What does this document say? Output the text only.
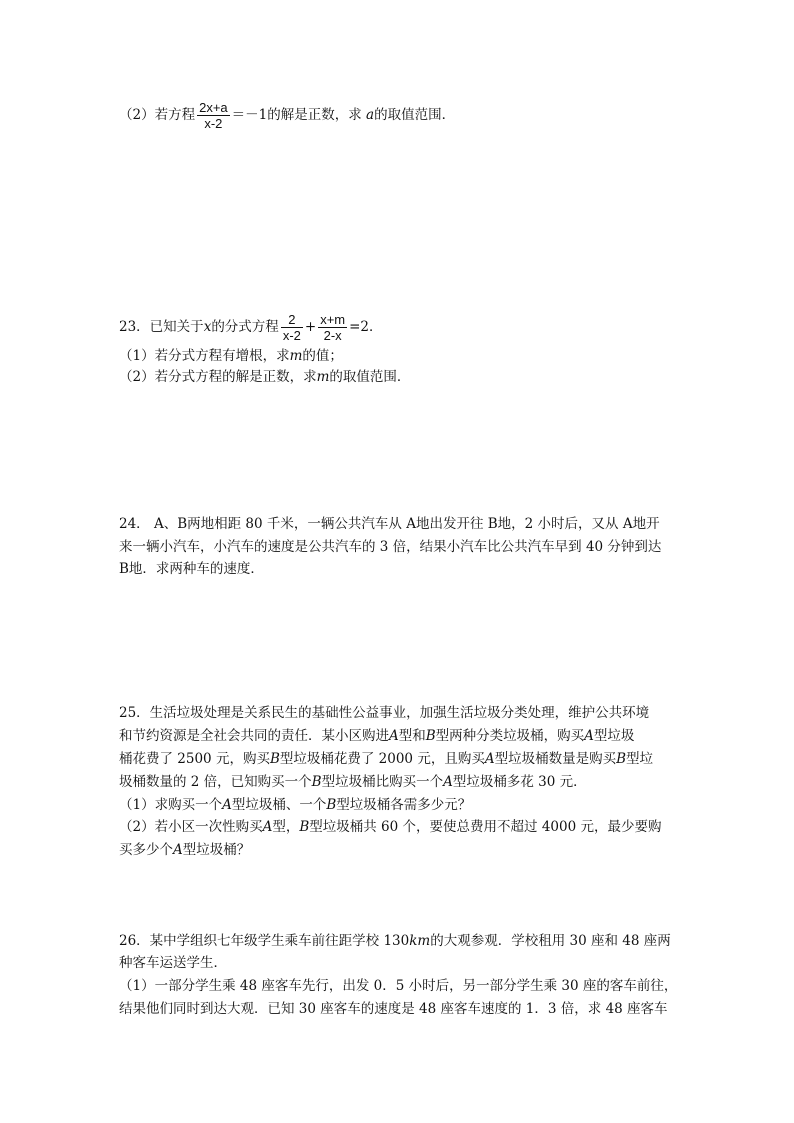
（2）若方程 $\frac{2x+a}{x-2} =-1$的解是正数，求 a的取值范围．
23．已知关于x的分式方程 $\frac{2}{x-2} + \frac{x+m}{2-x} =2$．
（1）若分式方程有增根，求m的值；
（2）若分式方程的解是正数，求m的取值范围．
24． A、B两地相距 80 千米，一辆公共汽车从 A地出发开往 B地，2 小时后，又从 A地开
来一辆小汽车，小汽车的速度是公共汽车的 3 倍，结果小汽车比公共汽车早到 40 分钟到达
B地．求两种车的速度．
25．生活垃圾处理是关系民生的基础性公益事业，加强生活垃圾分类处理，维护公共环境
和节约资源是全社会共同的责任．某小区购进A型和B型两种分类垃圾桶，购买A型垃圾
桶花费了 2500 元，购买B型垃圾桶花费了 2000 元，且购买A型垃圾桶数量是购买B型垃
圾桶数量的 2 倍，已知购买一个B型垃圾桶比购买一个A型垃圾桶多花 30 元．
（1）求购买一个A型垃圾桶、一个B型垃圾桶各需多少元？
（2）若小区一次性购买A型，B型垃圾桶共 60 个，要使总费用不超过 4000 元，最少要购
买多少个A型垃圾桶？
26．某中学组织七年级学生乘车前往距学校 130km的大观参观．学校租用 30 座和 48 座两
种客车运送学生．
（1）一部分学生乘 48 座客车先行，出发 0．5 小时后，另一部分学生乘 30 座的客车前往，
结果他们同时到达大观．已知 30 座客车的速度是 48 座客车速度的 1．3 倍，求 48 座客车
